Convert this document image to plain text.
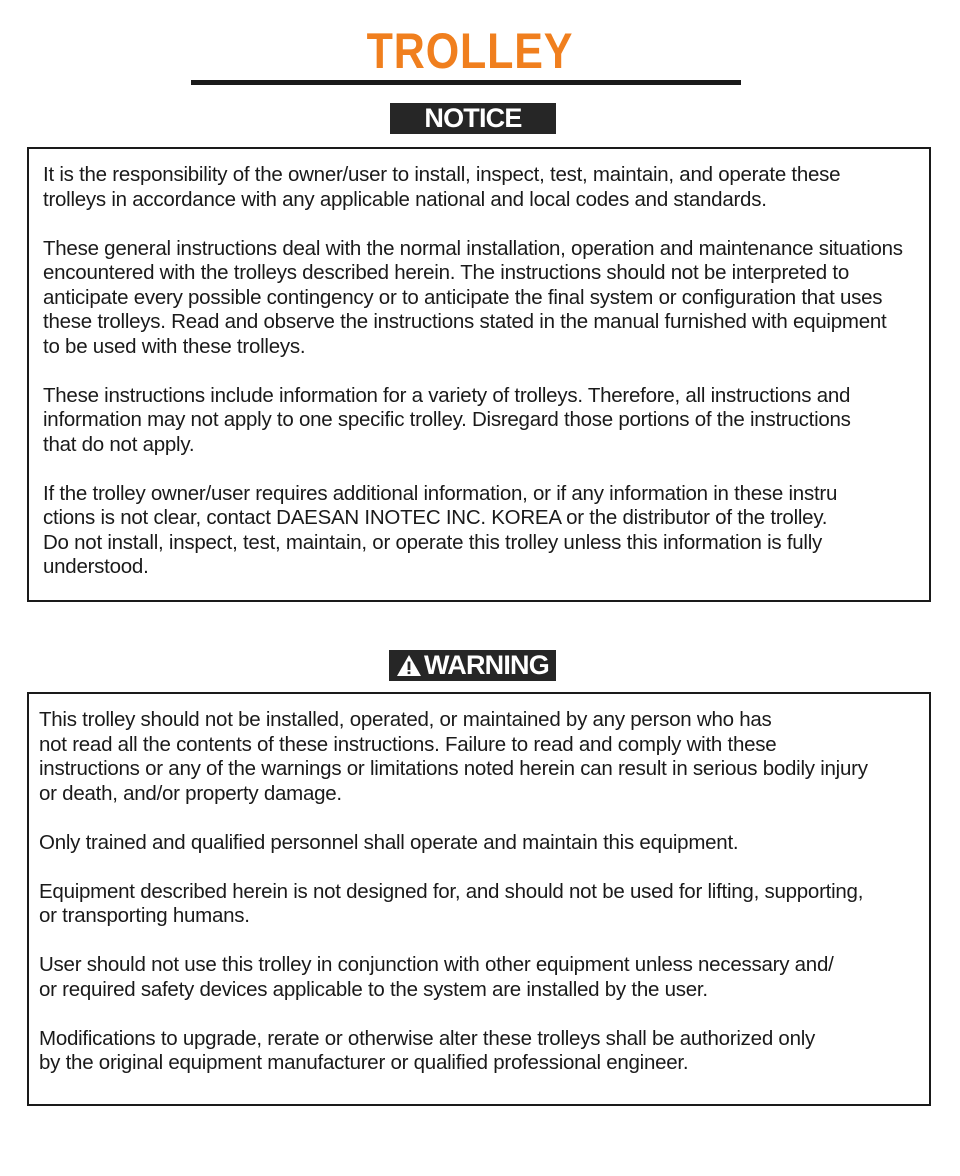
TROLLEY
NOTICE

It is the responsibility of the owner/user to install, inspect, test, maintain, and operate these
trolleys in accordance with any applicable national and local codes and standards.

These general instructions deal with the normal installation, operation and maintenance situations
encountered with the trolleys described herein. The instructions should not be interpreted to
anticipate every possible contingency or to anticipate the final system or configuration that uses
these trolleys. Read and observe the instructions stated in the manual furnished with equipment
to be used with these trolleys.

These instructions include information for a variety of trolleys. Therefore, all instructions and
information may not apply to one specific trolley. Disregard those portions of the instructions
that do not apply.

If the trolley owner/user requires additional information, or if any information in these instru
ctions is not clear, contact DAESAN INOTEC INC. KOREA or the distributor of the trolley.
Do not install, inspect, test, maintain, or operate this trolley unless this information is fully
understood.

WARNING

This trolley should not be installed, operated, or maintained by any person who has
not read all the contents of these instructions. Failure to read and comply with these
instructions or any of the warnings or limitations noted herein can result in serious bodily injury
or death, and/or property damage.

Only trained and qualified personnel shall operate and maintain this equipment.

Equipment described herein is not designed for, and should not be used for lifting, supporting,
or transporting humans.

User should not use this trolley in conjunction with other equipment unless necessary and/
or required safety devices applicable to the system are installed by the user.

Modifications to upgrade, rerate or otherwise alter these trolleys shall be authorized only
by the original equipment manufacturer or qualified professional engineer.
